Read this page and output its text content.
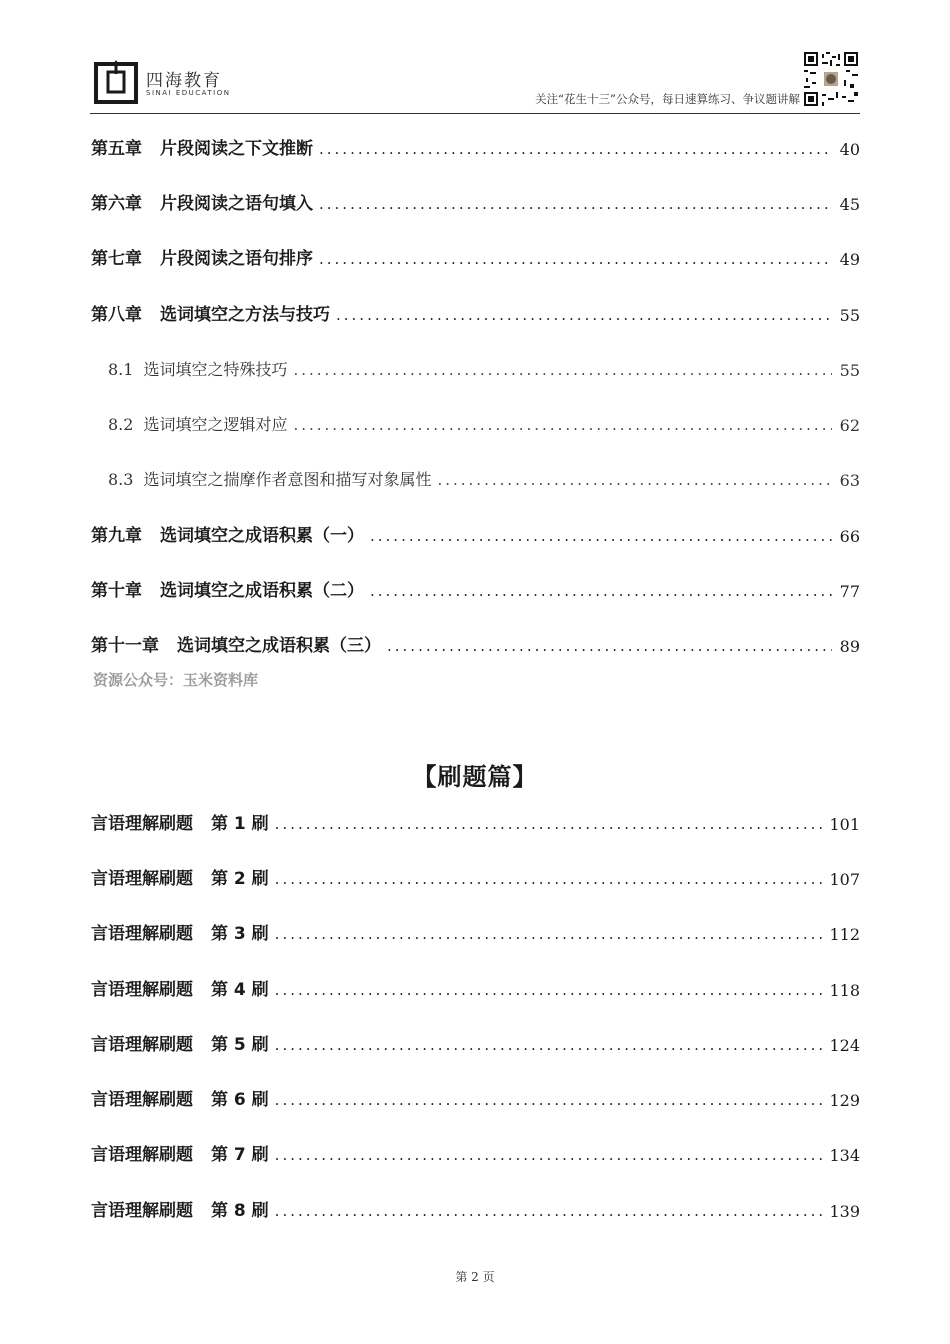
四海教育
SINAI EDUCATION	关注“花生十三”公众号，每日速算练习、争议题讲解
第五章 片段阅读之下文推断 .....	40
第六章 片段阅读之语句填入 .....	45
第七章 片段阅读之语句排序 .....	49
第八章 选词填空之方法与技巧 .....	55
8.1 选词填空之特殊技巧 .....	55
8.2 选词填空之逻辑对应 .....	62
8.3 选词填空之揣摩作者意图和描写对象属性 .....	63
第九章 选词填空之成语积累（一） .....	66
第十章 选词填空之成语积累（二） .....	77
第十一章 选词填空之成语积累（三） .....	89
资源公众号：玉米资料库
【刷题篇】
言语理解刷题 第 1 刷 .....	101
言语理解刷题 第 2 刷 .....	107
言语理解刷题 第 3 刷 .....	112
言语理解刷题 第 4 刷 .....	118
言语理解刷题 第 5 刷 .....	124
言语理解刷题 第 6 刷 .....	129
言语理解刷题 第 7 刷 .....	134
言语理解刷题 第 8 刷 .....	139
第 2 页
